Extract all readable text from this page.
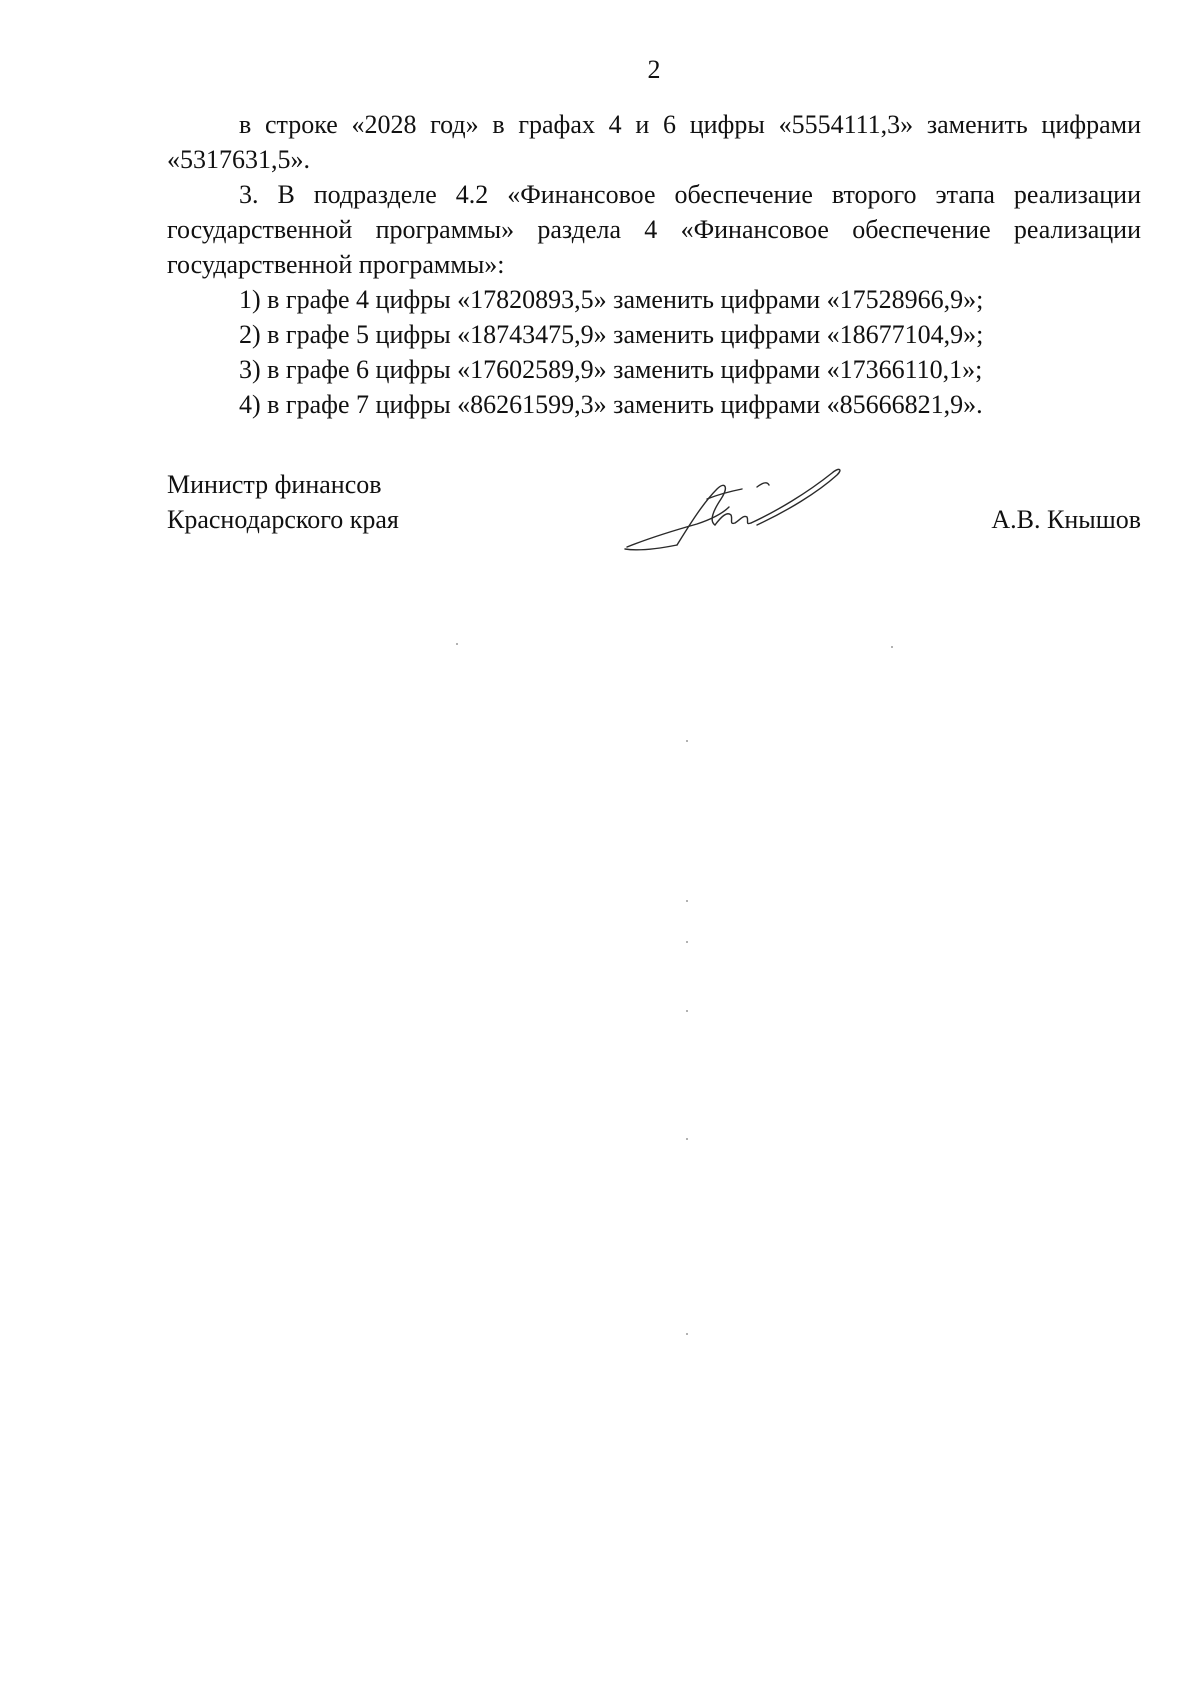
2

в строке «2028 год» в графах 4 и 6 цифры «5554111,3» заменить цифрами «5317631,5».

3. В подразделе 4.2 «Финансовое обеспечение второго этапа реализации государственной программы» раздела 4 «Финансовое обеспечение реализации государственной программы»:

1) в графе 4 цифры «17820893,5» заменить цифрами «17528966,9»;

2) в графе 5 цифры «18743475,9» заменить цифрами «18677104,9»;

3) в графе 6 цифры «17602589,9» заменить цифрами «17366110,1»;

4) в графе 7 цифры «86261599,3» заменить цифрами «85666821,9».

Министр финансов
Краснодарского края	А.В. Кнышов
